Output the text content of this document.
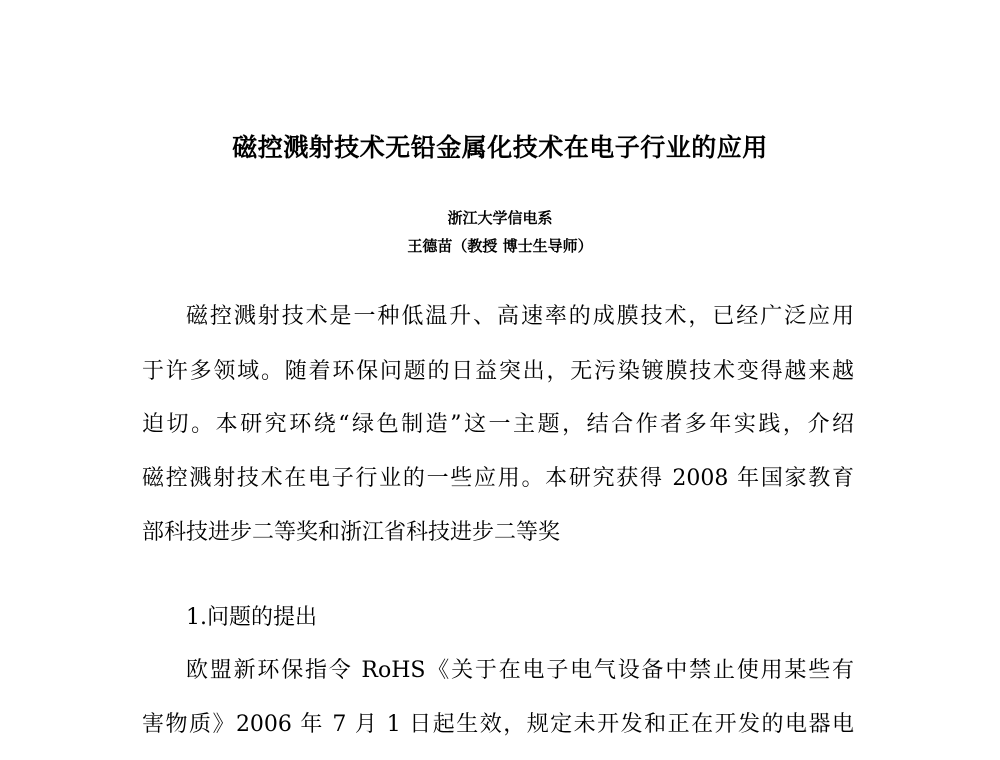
磁控溅射技术无铅金属化技术在电子行业的应用
浙江大学信电系
王德苗（教授 博士生导师）
磁控溅射技术是一种低温升、高速率的成膜技术，已经广泛应用
于许多领域。随着环保问题的日益突出，无污染镀膜技术变得越来越
迫切。本研究环绕“绿色制造”这一主题，结合作者多年实践，介绍
磁控溅射技术在电子行业的一些应用。本研究获得 2008 年国家教育
部科技进步二等奖和浙江省科技进步二等奖
1.问题的提出
欧盟新环保指令 RoHS《关于在电子电气设备中禁止使用某些有
害物质》2006 年 7 月 1 日起生效，规定未开发和正在开发的电器电
